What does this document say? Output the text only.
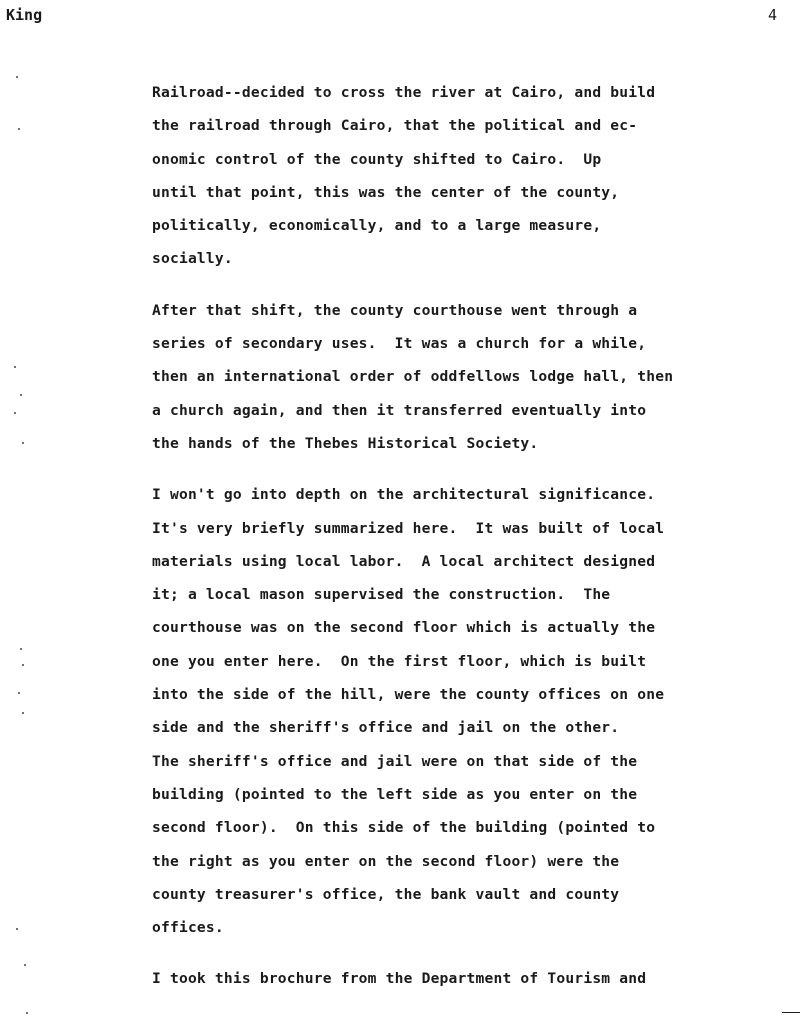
King	4
Railroad--decided to cross the river at Cairo, and build
the railroad through Cairo, that the political and ec-
onomic control of the county shifted to Cairo.  Up
until that point, this was the center of the county,
politically, economically, and to a large measure,
socially.
After that shift, the county courthouse went through a
series of secondary uses.  It was a church for a while,
then an international order of oddfellows lodge hall, then
a church again, and then it transferred eventually into
the hands of the Thebes Historical Society.
I won't go into depth on the architectural significance.
It's very briefly summarized here.  It was built of local
materials using local labor.  A local architect designed
it; a local mason supervised the construction.  The
courthouse was on the second floor which is actually the
one you enter here.  On the first floor, which is built
into the side of the hill, were the county offices on one
side and the sheriff's office and jail on the other.
The sheriff's office and jail were on that side of the
building (pointed to the left side as you enter on the
second floor).  On this side of the building (pointed to
the right as you enter on the second floor) were the
county treasurer's office, the bank vault and county
offices.
I took this brochure from the Department of Tourism and
